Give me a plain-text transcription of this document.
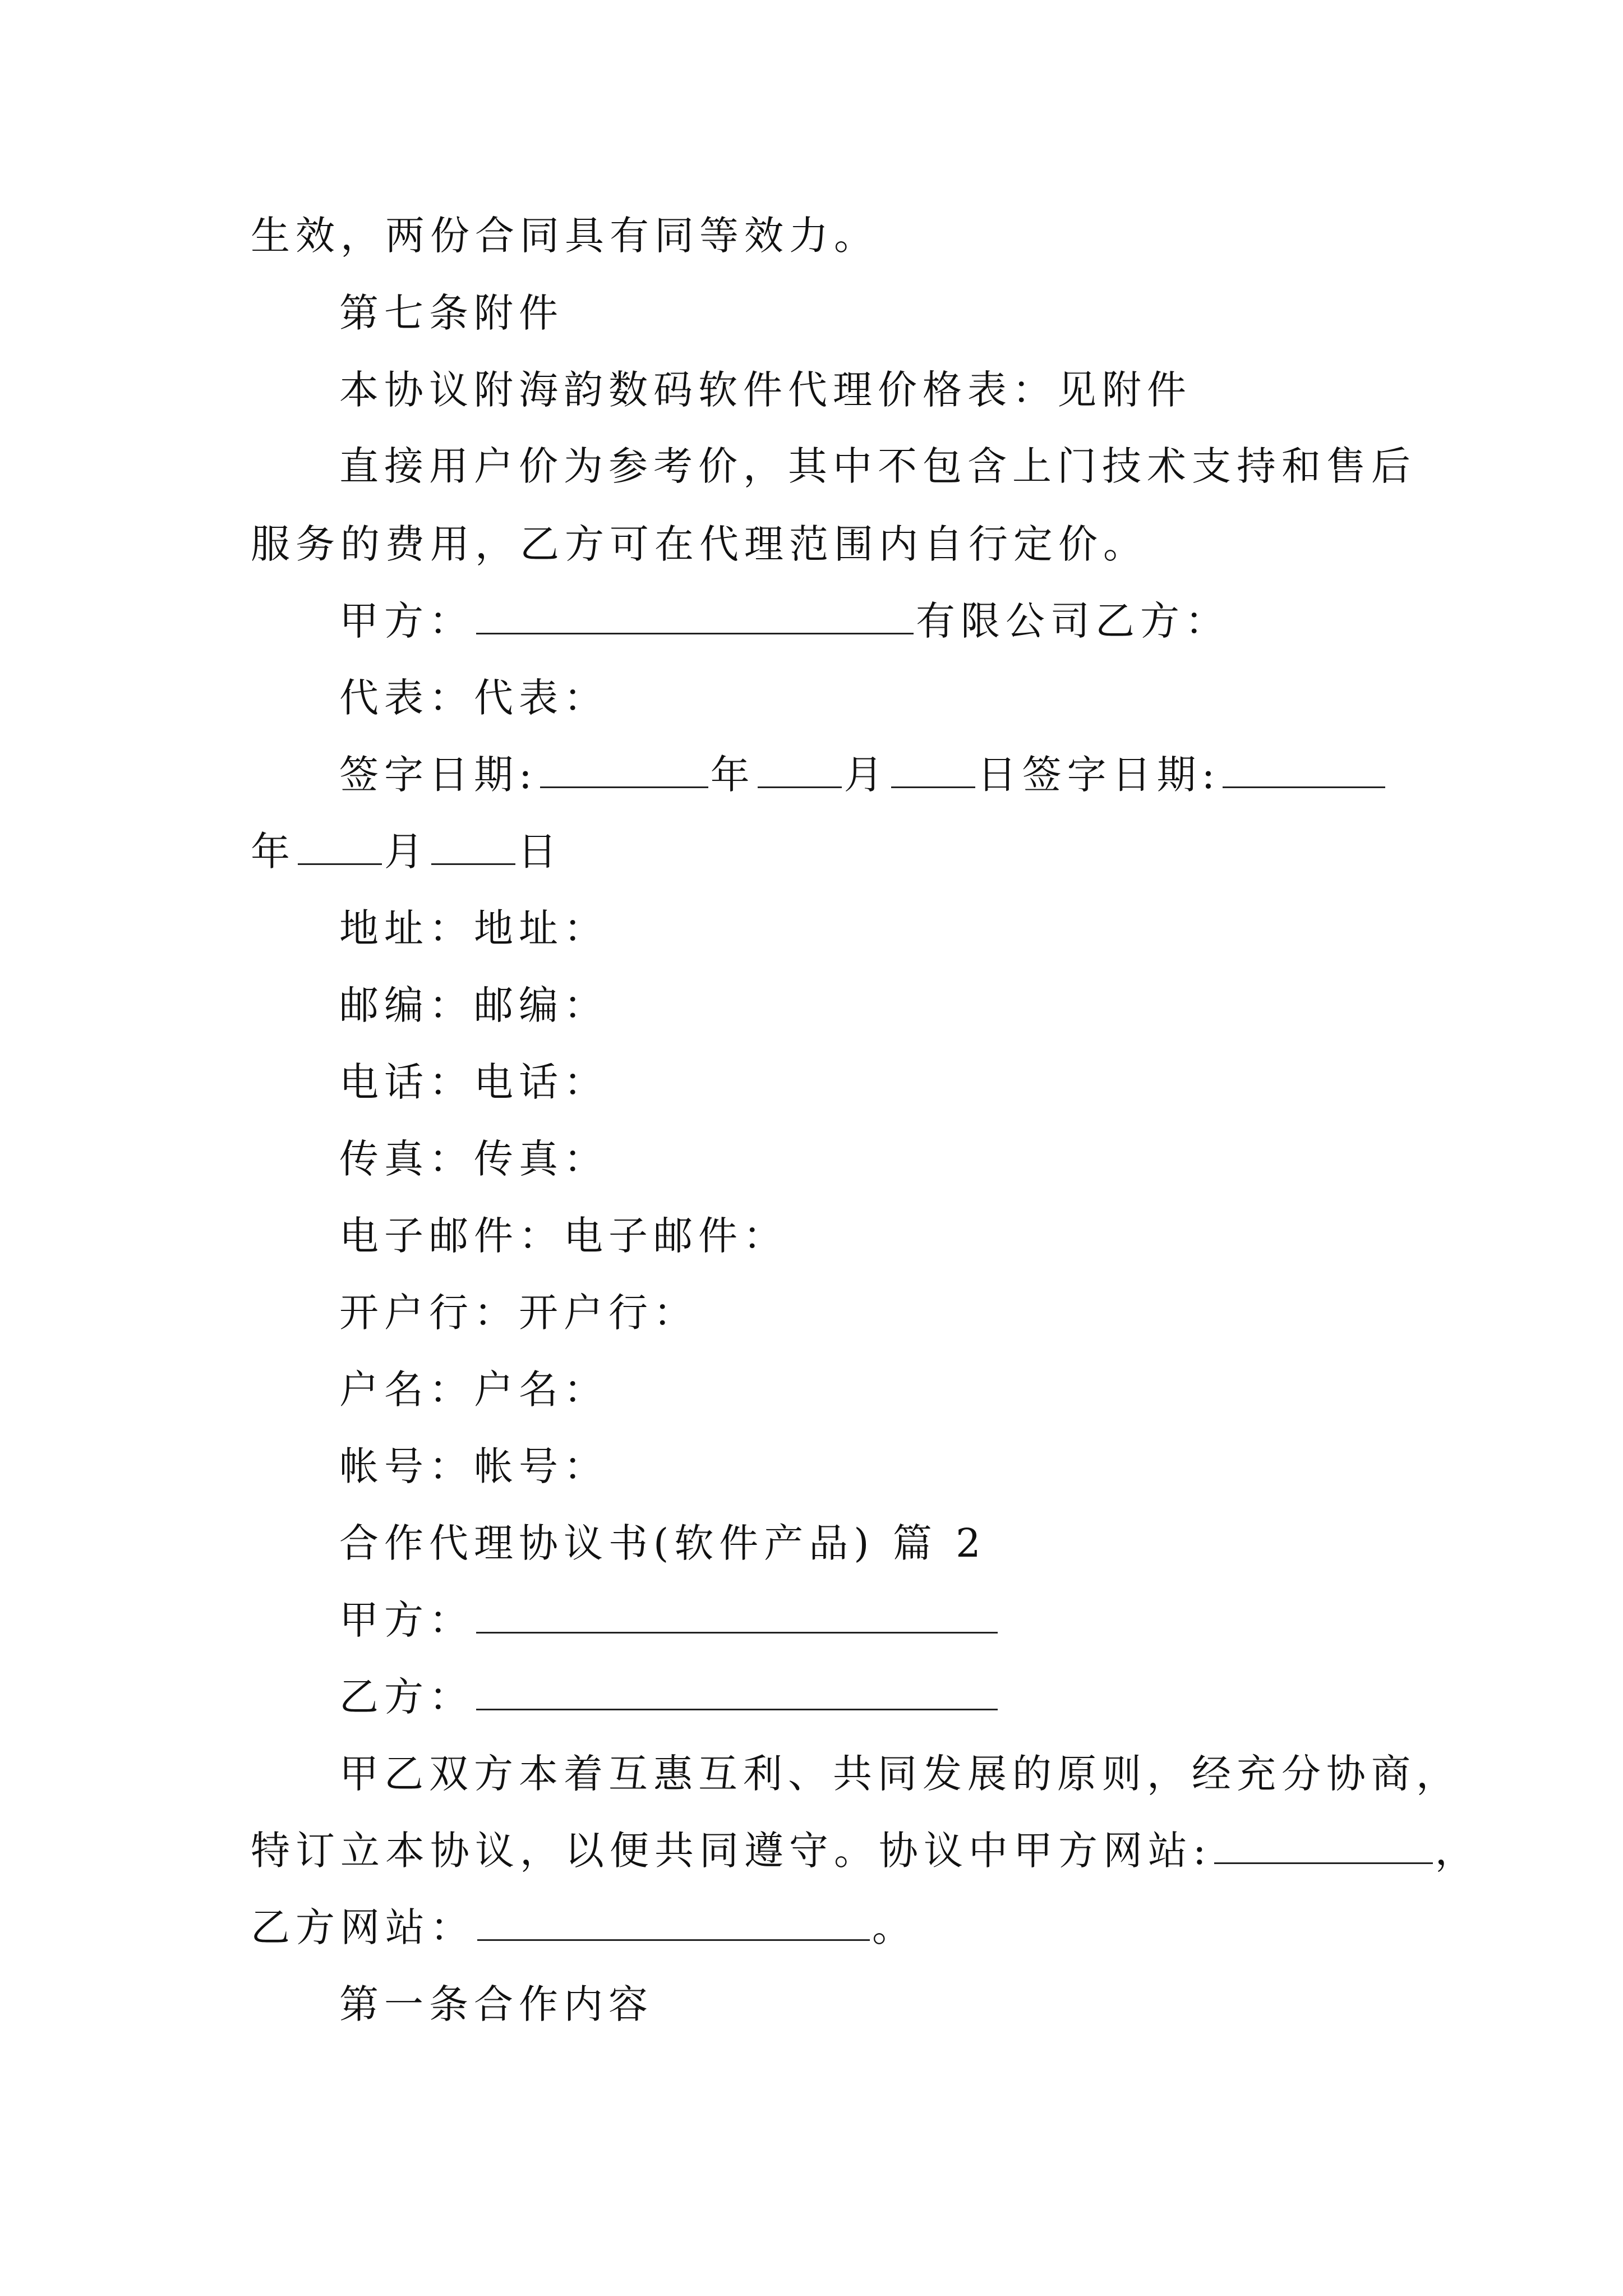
生效，两份合同具有同等效力。
第七条附件
本协议附海韵数码软件代理价格表：见附件
直接用户价为参考价，其中不包含上门技术支持和售后
服务的费用，乙方可在代理范围内自行定价。
甲方：	有限公司乙方：
代表：代表：
签字日期:	年 月 日签字日期:
年 月 日
地址：地址：
邮编：邮编：
电话：电话：
传真：传真：
电子邮件：电子邮件：
开户行：开户行：
户名：户名：
帐号：帐号：
合作代理协议书(软件产品) 篇 2
甲方：
乙方：
甲乙双方本着互惠互利、共同发展的原则，经充分协商，
特订立本协议，以便共同遵守。协议中甲方网站:	，
乙方网站：	。
第一条合作内容
